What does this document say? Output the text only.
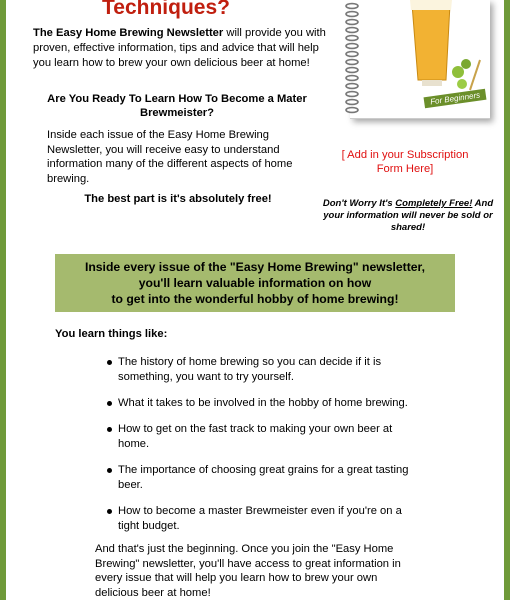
Techniques?

The Easy Home Brewing Newsletter will provide you with proven, effective information, tips and advice that will help you learn how to brew your own delicious beer at home!

Are You Ready To Learn How To Become a Mater Brewmeister?

Inside each issue of the Easy Home Brewing Newsletter, you will receive easy to understand information many of the different aspects of home brewing.

The best part is it's absolutely free!

For Beginners

[ Add in your Subscription Form Here]

Don't Worry It's Completely Free! And your information will never be sold or shared!

Inside every issue of the "Easy Home Brewing" newsletter,
you'll learn valuable information on how
to get into the wonderful hobby of home brewing!

You learn things like:

The history of home brewing so you can decide if it is something, you want to try yourself.
What it takes to be involved in the hobby of home brewing.
How to get on the fast track to making your own beer at home.
The importance of choosing great grains for a great tasting beer.
How to become a master Brewmeister even if you're on a tight budget.

And that's just the beginning. Once you join the "Easy Home Brewing" newsletter, you'll have access to great information in every issue that will help you learn how to brew your own delicious beer at home!
